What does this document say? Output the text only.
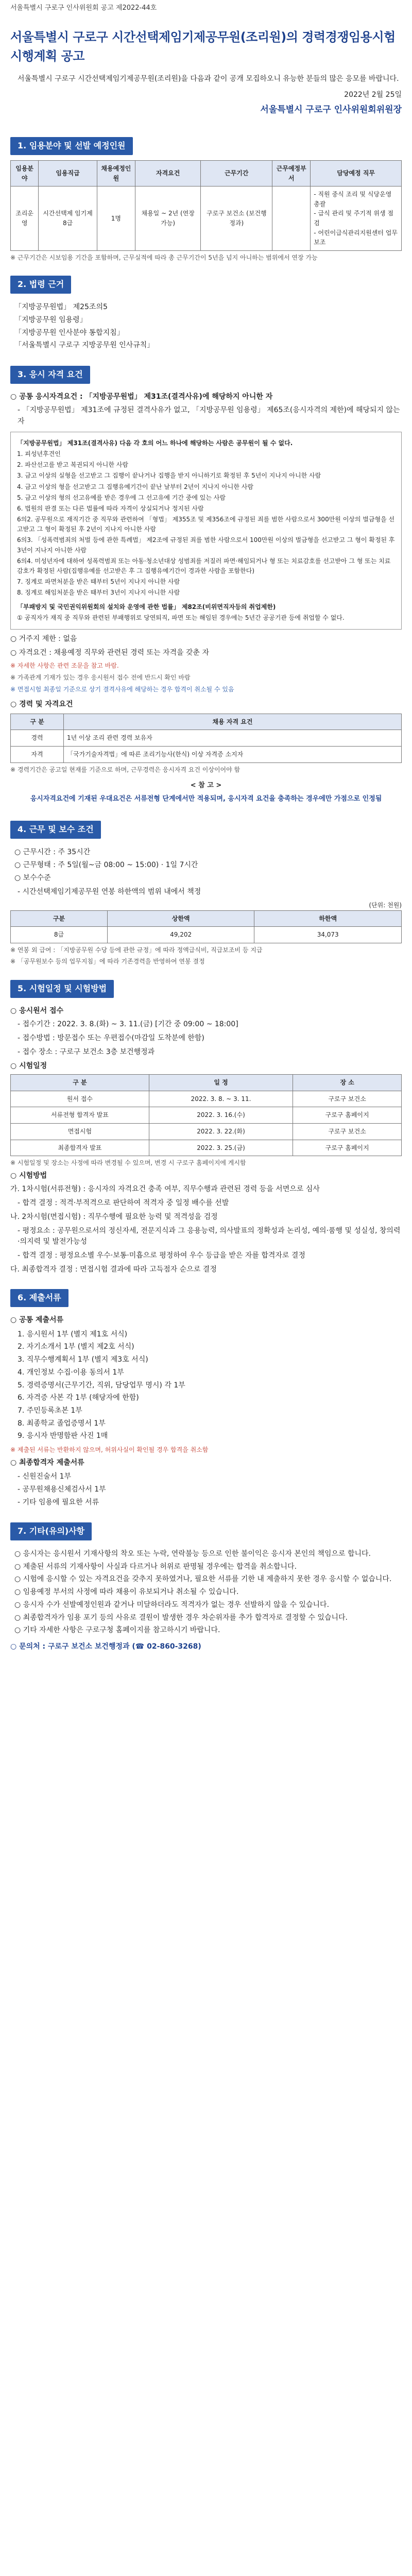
서울특별시 구로구 인사위원회 공고 제2022-44호
서울특별시 구로구 시간선택제임기제공무원(조리원)의 경력경쟁임용시험 시행계획 공고

서울특별시 구로구 시간선택제임기제공무원(조리원)을 다음과 같이 공개 모집하오니 유능한 분들의 많은 응모를 바랍니다.

2022년 2월 25일
서울특별시 구로구 인사위원회위원장
1. 임용분야 및 선발 예정인원
임용분야	임용직급	채용예정인원	자격요건	근무기간	근무예정부서	담당예정 직무
조리운영	시간선택제 임기제8급	1명	채용일 ~ 2년 (연장가능)	구로구 보건소 (보건행정과)		- 직원 중식 조리 및 식당운영 총괄
- 급식 관리 및 주기적 위생 점검
- 어린이급식관리지원센터 업무 보조
※ 근무기간은 시보임용 기간을 포함하며, 근무실적에 따라 총 근무기간이 5년을 넘지 아니하는 범위에서 연장 가능
2. 법령 근거
「지방공무원법」 제25조의5
「지방공무원 임용령」
「지방공무원 인사분야 통합지침」
「서울특별시 구로구 지방공무원 인사규칙」
3. 응시 자격 요건
○ 공통 응시자격요건 : 「지방공무원법」 제31조(결격사유)에 해당하지 아니한 자
- 「지방공무원법」 제31조에 규정된 결격사유가 없고, 「지방공무원 임용령」 제65조(응시자격의 제한)에 해당되지 않는 자
「지방공무원법」 제31조(결격사유) 다음 각 호의 어느 하나에 해당하는 사람은 공무원이 될 수 없다.
1. 피성년후견인
2. 파산선고를 받고 복권되지 아니한 사람
3. 금고 이상의 실형을 선고받고 그 집행이 끝나거나 집행을 받지 아니하기로 확정된 후 5년이 지나지 아니한 사람
4. 금고 이상의 형을 선고받고 그 집행유예기간이 끝난 날부터 2년이 지나지 아니한 사람
5. 금고 이상의 형의 선고유예를 받은 경우에 그 선고유예 기간 중에 있는 사람
6. 법원의 판결 또는 다른 법률에 따라 자격이 상실되거나 정지된 사람
6의2. 공무원으로 재직기간 중 직무와 관련하여 「형법」 제355조 및 제356조에 규정된 죄를 범한 사람으로서 300만원 이상의 벌금형을 선고받고 그 형이 확정된 후 2년이 지나지 아니한 사람
6의3. 「성폭력범죄의 처벌 등에 관한 특례법」 제2조에 규정된 죄를 범한 사람으로서 100만원 이상의 벌금형을 선고받고 그 형이 확정된 후 3년이 지나지 아니한 사람
6의4. 미성년자에 대하여 성폭력범죄 또는 아동·청소년대상 성범죄를 저질러 파면·해임되거나 형 또는 치료감호를 선고받아 그 형 또는 치료감호가 확정된 사람(집행유예를 선고받은 후 그 집행유예기간이 경과한 사람을 포함한다)
7. 징계로 파면처분을 받은 때부터 5년이 지나지 아니한 사람
8. 징계로 해임처분을 받은 때부터 3년이 지나지 아니한 사람
「부패방지 및 국민권익위원회의 설치와 운영에 관한 법률」 제82조(비위면직자등의 취업제한)
① 공직자가 재직 중 직무와 관련된 부패행위로 당연퇴직, 파면 또는 해임된 경우에는 5년간 공공기관 등에 취업할 수 없다.
○ 거주지 제한 : 없음
○ 자격요건 : 채용예정 직무와 관련된 경력 또는 자격을 갖춘 자
※ 자세한 사항은 관련 조문을 참고 바람.
※ 가족관계 기재가 있는 경우 응시원서 접수 전에 반드시 확인 바람
※ 면접시험 최종일 기준으로 상기 결격사유에 해당하는 경우 합격이 취소될 수 있음
○ 경력 및 자격요건
구 분	채용 자격 요건
경력	1년 이상 조리 관련 경력 보유자
자격	「국가기술자격법」에 따른 조리기능사(한식) 이상 자격증 소지자
※ 경력기간은 공고일 현재를 기준으로 하며, 근무경력은 응시자격 요건 이상이어야 함
< 참 고 >
응시자격요건에 기재된 우대요건은 서류전형 단계에서만 적용되며, 응시자격 요건을 충족하는 경우에만 가점으로 인정됨
4. 근무 및 보수 조건
○ 근무시간 : 주 35시간
○ 근무형태 : 주 5일(월~금 08:00 ~ 15:00) · 1일 7시간
○ 보수수준
- 시간선택제임기제공무원 연봉 하한액의 범위 내에서 책정
(단위: 천원)
구분	상한액	하한액
8급	49,202	34,073
※ 연봉 외 급여 : 「지방공무원 수당 등에 관한 규정」에 따라 정액급식비, 직급보조비 등 지급
※ 「공무원보수 등의 업무지침」에 따라 기존경력을 반영하여 연봉 결정
5. 시험일정 및 시험방법
○ 응시원서 접수
- 접수기간 : 2022. 3. 8.(화) ~ 3. 11.(금) [기간 중 09:00 ~ 18:00]
- 접수방법 : 방문접수 또는 우편접수(마감일 도착분에 한함)
- 접수 장소 : 구로구 보건소 3층 보건행정과
○ 시험일정
구 분	일 정	장 소
원서 접수	2022. 3. 8. ~ 3. 11.	구로구 보건소
서류전형 합격자 발표	2022. 3. 16.(수)	구로구 홈페이지
면접시험	2022. 3. 22.(화)	구로구 보건소
최종합격자 발표	2022. 3. 25.(금)	구로구 홈페이지
※ 시험일정 및 장소는 사정에 따라 변경될 수 있으며, 변경 시 구로구 홈페이지에 게시함
○ 시험방법
가. 1차시험(서류전형) : 응시자의 자격요건 충족 여부, 직무수행과 관련된 경력 등을 서면으로 심사
- 합격 결정 : 적격·부적격으로 판단하여 적격자 중 일정 배수를 선발
나. 2차시험(면접시험) : 직무수행에 필요한 능력 및 적격성을 검정
- 평정요소 : 공무원으로서의 정신자세, 전문지식과 그 응용능력, 의사발표의 정확성과 논리성, 예의·품행 및 성실성, 창의력·의지력 및 발전가능성
- 합격 결정 : 평정요소별 우수·보통·미흡으로 평정하여 우수 등급을 받은 자를 합격자로 결정
다. 최종합격자 결정 : 면접시험 결과에 따라 고득점자 순으로 결정
6. 제출서류
○ 공통 제출서류
1. 응시원서 1부 (별지 제1호 서식)
2. 자기소개서 1부 (별지 제2호 서식)
3. 직무수행계획서 1부 (별지 제3호 서식)
4. 개인정보 수집·이용 동의서 1부
5. 경력증명서(근무기간, 직위, 담당업무 명시) 각 1부
6. 자격증 사본 각 1부 (해당자에 한함)
7. 주민등록초본 1부
8. 최종학교 졸업증명서 1부
9. 응시자 반명함판 사진 1매
※ 제출된 서류는 반환하지 않으며, 허위사실이 확인될 경우 합격을 취소함
○ 최종합격자 제출서류
- 신원진술서 1부
- 공무원채용신체검사서 1부
- 기타 임용에 필요한 서류
7. 기타(유의)사항
○ 응시자는 응시원서 기재사항의 착오 또는 누락, 연락불능 등으로 인한 불이익은 응시자 본인의 책임으로 합니다.
○ 제출된 서류의 기재사항이 사실과 다르거나 허위로 판명될 경우에는 합격을 취소합니다.
○ 시험에 응시할 수 있는 자격요건을 갖추지 못하였거나, 필요한 서류를 기한 내 제출하지 못한 경우 응시할 수 없습니다.
○ 임용예정 부서의 사정에 따라 채용이 유보되거나 취소될 수 있습니다.
○ 응시자 수가 선발예정인원과 같거나 미달하더라도 적격자가 없는 경우 선발하지 않을 수 있습니다.
○ 최종합격자가 임용 포기 등의 사유로 결원이 발생한 경우 차순위자를 추가 합격자로 결정할 수 있습니다.
○ 기타 자세한 사항은 구로구청 홈페이지를 참고하시기 바랍니다.
○ 문의처 : 구로구 보건소 보건행정과 (☎ 02-860-3268)
